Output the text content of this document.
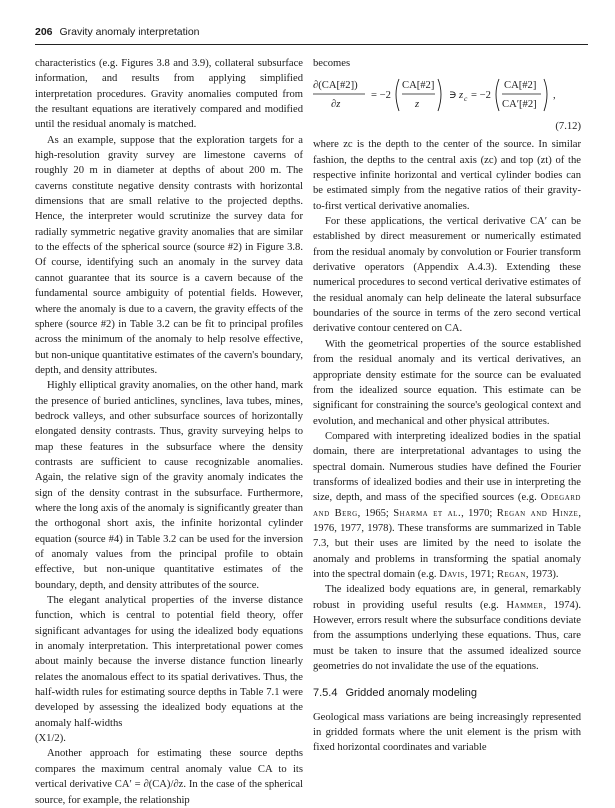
206 Gravity anomaly interpretation

characteristics (e.g. Figures 3.8 and 3.9), collateral subsurface information, and results from applying simplified interpretation procedures. Gravity anomalies computed from the resultant equations are iteratively compared and modified until the residual anomaly is matched.

As an example, suppose that the exploration targets for a high-resolution gravity survey are limestone caverns of roughly 20 m in diameter at depths of about 200 m. The caverns constitute negative density contrasts with horizontal dimensions that are small relative to the projected depths. Hence, the interpreter would scrutinize the survey data for radially symmetric negative gravity anomalies that are similar to the effects of the spherical source (source #2) in Figure 3.8. Of course, identifying such an anomaly in the survey data cannot guarantee that its source is a cavern because of the fundamental source ambiguity of potential fields. However, where the anomaly is due to a cavern, the gravity effects of the sphere (source #2) in Table 3.2 can be fit to principal profiles across the minimum of the anomaly to help resolve effective, but non-unique quantitative estimates of the cavern's boundary, depth, and density attributes.

Highly elliptical gravity anomalies, on the other hand, mark the presence of buried anticlines, synclines, lava tubes, mines, bedrock valleys, and other subsurface sources of horizontally elongated density contrasts. Thus, gravity surveying helps to map these features in the subsurface where the density contrasts are sufficient to cause recognizable anomalies. Again, the relative sign of the gravity anomaly indicates the sign of the density contrast in the subsurface. Furthermore, where the long axis of the anomaly is significantly greater than the orthogonal short axis, the infinite horizontal cylinder equation (source #4) in Table 3.2 can be used for the inversion of anomaly values from the principal profile to obtain effective, but non-unique quantitative estimates of the boundary, depth, and density attributes of the source.

The elegant analytical properties of the inverse distance function, which is central to potential field theory, offer significant advantages for using the idealized body equations in anomaly interpretation. This interpretational power comes about mainly because the inverse distance function linearly relates the anomalous effect to its spatial derivatives. Thus, the half-width rules for estimating source depths in Table 7.1 were developed by assessing the idealized body equations at the anomaly half-widths
(X1/2).

Another approach for estimating these source depths compares the maximum central anomaly value CA to its vertical derivative CA′ = ∂(CA)/∂z. In the case of the spherical source, for example, the relationship

becomes

∂(CA[#2])
∂z
= −2
CA[#2]
z
∋ z c = −2
CA[#2]
CA′[#2]
,
(7.12)

where zc is the depth to the center of the source. In similar fashion, the depths to the central axis (zc) and top (zt) of the respective infinite horizontal and vertical cylinder bodies can be estimated simply from the negative ratios of their gravity-to-first vertical derivative anomalies.

For these applications, the vertical derivative CA′ can be established by direct measurement or numerically estimated from the residual anomaly by convolution or Fourier transform derivative operators (Appendix A.4.3). Extending these numerical procedures to second vertical derivative estimates of the residual anomaly can help delineate the lateral subsurface boundaries of the source in terms of the zero second vertical derivative contour centered on CA.

With the geometrical properties of the source established from the residual anomaly and its vertical derivatives, an appropriate density estimate for the source can be evaluated from the idealized source equation. This estimate can be significant for constraining the source's geological context and evolution, and mechanical and other physical attributes.

Compared with interpreting idealized bodies in the spatial domain, there are interpretational advantages to using the spectral domain. Numerous studies have defined the Fourier transforms of idealized bodies and their use in interpreting the size, depth, and mass of the specified sources (e.g. Odegard and Berg, 1965; Sharma et al., 1970; Regan and Hinze, 1976, 1977, 1978). These transforms are summarized in Table 7.3, but their uses are limited by the need to isolate the anomaly and problems in transforming the spatial anomaly into the spectral domain (e.g. Davis, 1971; Regan, 1973).

The idealized body equations are, in general, remarkably robust in providing useful results (e.g. Hammer, 1974). However, errors result where the subsurface conditions deviate from the assumptions underlying these equations. Thus, care must be taken to insure that the assumed idealized source geometries do not invalidate the use of the equations.

7.5.4 Gridded anomaly modeling

Geological mass variations are being increasingly represented in gridded formats where the unit element is the prism with fixed horizontal coordinates and variable
